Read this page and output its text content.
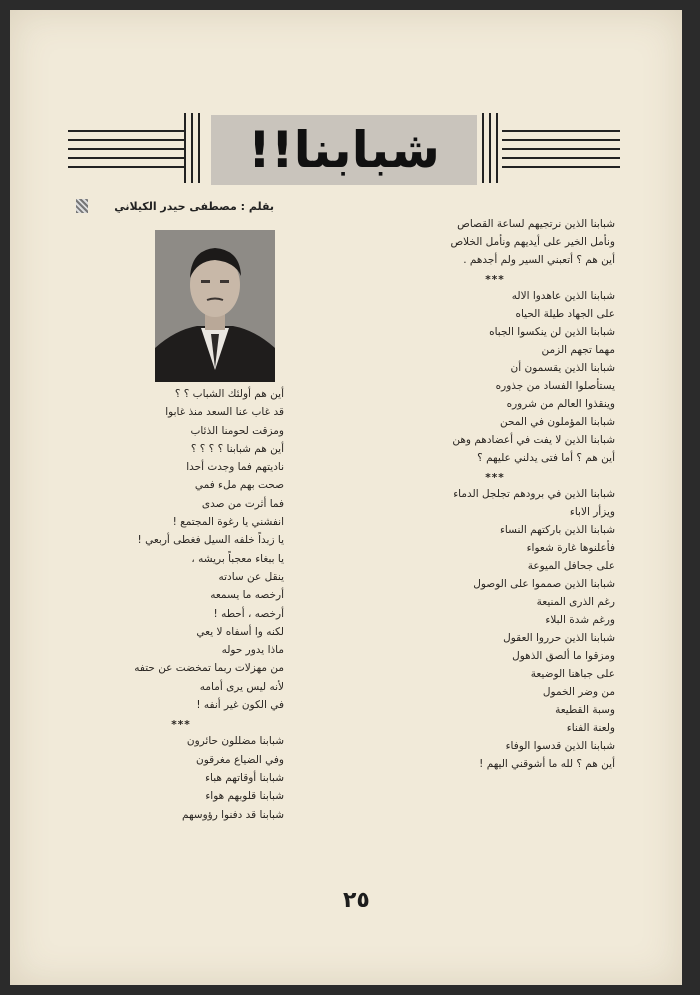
شبابنا!!
بقلم : مصطفى حيدر الكيلاني
شبابنا الذين نرتجيهم لساعة القصاص
ونأمل الخير على أيديهم ونأمل الخلاص
أين هم ؟ أتعبني السير ولم أجدهم .
***
شبابنا الذين عاهدوا الاله
على الجهاد طيلة الحياه
شبابنا الذين لن ينكسوا الجباه
مهما تجهم الزمن
شبابنا الذين يقسمون أن
يستأصلوا الفساد من جذوره
وينقذوا العالم من شروره
شبابنا المؤملون في المحن
شبابنا الذين لا يفت في أعضادهم وهن
أين هم ؟ أما فتى يدلني عليهم ؟
***
شبابنا الذين في برودهم تجلجل الدماء
ويزأر الاباء
شبابنا الذين باركتهم النساء
فأعلنوها غارة شعواء
على جحافل الميوعة
شبابنا الذين صمموا على الوصول
رغم الذرى المنيعة
ورغم شدة البلاء
شبابنا الذين حرروا العقول
ومزقوا ما ألصق الذهول
على جباهنا الوضيعة
من وضر الخمول
وسبة القطيعة
ولعنة الفناء
شبابنا الذين قدسوا الوفاء
أين هم ؟ لله ما أشوقني اليهم !
أين هم أولئك الشباب ؟ ؟
قد غاب عنا السعد منذ غابوا
ومزقت لحومنا الذئاب
أين هم شبابنا ؟ ؟ ؟ ؟
ناديتهم فما وجدت أحدا
صحت بهم ملء فمي
فما أثرت من صدى
انفشني يا رغوة المجتمع !
يا زبداً خلفه السيل فغطى أربعي !
يا ببغاء معجباً بريشه ،
ينقل عن سادته
أرخصه ما يسمعه
أرخصه ، أحطه !
لكنه وا أسفاه لا يعي
ماذا يدور حوله
من مهزلات ربما تمخضت عن حتفه
لأنه ليس يرى أمامه
في الكون غير أنفه !
***
شبابنا مضللون حائرون
وفي الضياع مغرقون
شبابنا أوقاتهم هباء
شبابنا قلوبهم هواء
شبابنا قد دفنوا رؤوسهم
٢٥
